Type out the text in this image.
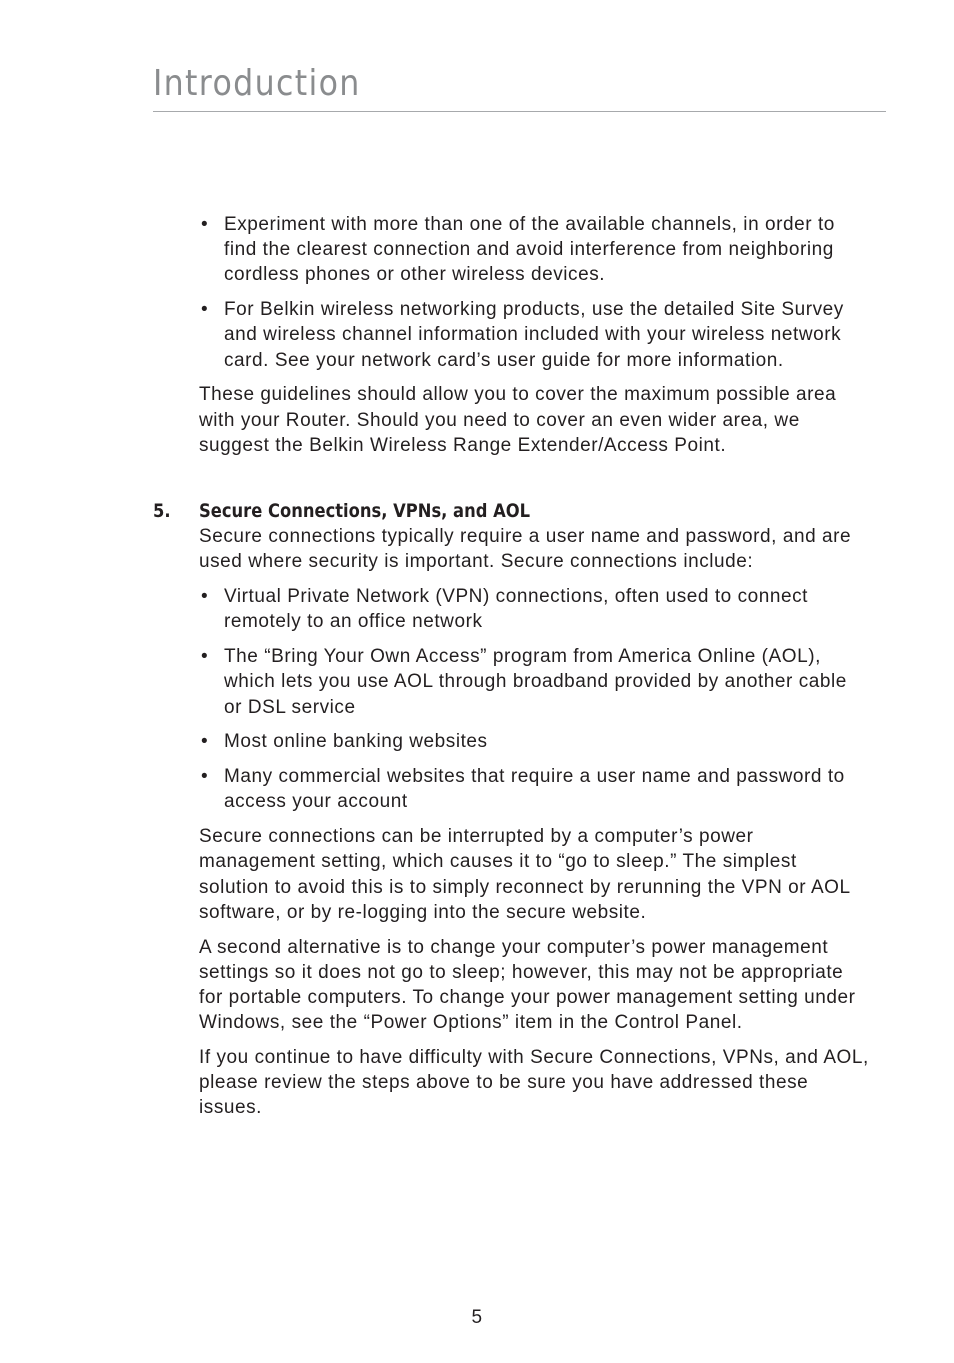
Introduction
• Experiment with more than one of the available channels, in order to find the clearest connection and avoid interference from neighboring cordless phones or other wireless devices.
• For Belkin wireless networking products, use the detailed Site Survey and wireless channel information included with your wireless network card. See your network card’s user guide for more information.

These guidelines should allow you to cover the maximum possible area with your Router. Should you need to cover an even wider area, we suggest the Belkin Wireless Range Extender/Access Point.

5. Secure Connections, VPNs, and AOL

Secure connections typically require a user name and password, and are used where security is important. Secure connections include:

• Virtual Private Network (VPN) connections, often used to connect remotely to an office network
• The “Bring Your Own Access” program from America Online (AOL), which lets you use AOL through broadband provided by another cable or DSL service
• Most online banking websites
• Many commercial websites that require a user name and password to access your account

Secure connections can be interrupted by a computer’s power management setting, which causes it to “go to sleep.” The simplest solution to avoid this is to simply reconnect by rerunning the VPN or AOL software, or by re-logging into the secure website.

A second alternative is to change your computer’s power management settings so it does not go to sleep; however, this may not be appropriate for portable computers. To change your power management setting under Windows, see the “Power Options” item in the Control Panel.

If you continue to have difficulty with Secure Connections, VPNs, and AOL, please review the steps above to be sure you have addressed these issues.

5
